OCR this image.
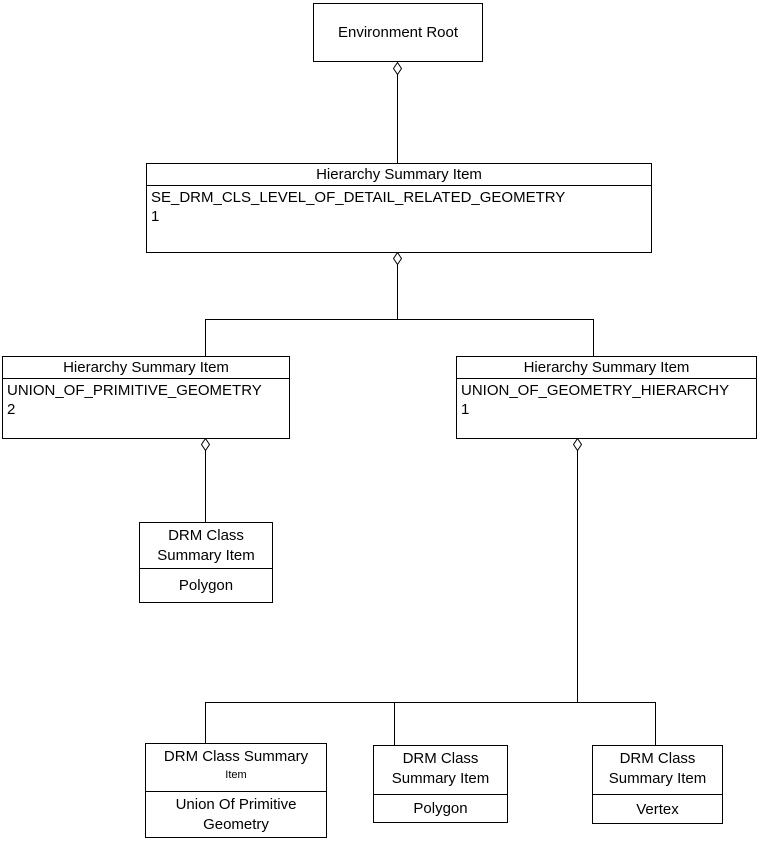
Environment Root
Hierarchy Summary Item
SE_DRM_CLS_LEVEL_OF_DETAIL_RELATED_GEOMETRY
1
Hierarchy Summary Item
UNION_OF_PRIMITIVE_GEOMETRY
2
Hierarchy Summary Item
UNION_OF_GEOMETRY_HIERARCHY
1
DRM Class
Summary Item
Polygon
DRM Class Summary
Item
Union Of Primitive
Geometry
DRM Class
Summary Item
Polygon
DRM Class
Summary Item
Vertex
